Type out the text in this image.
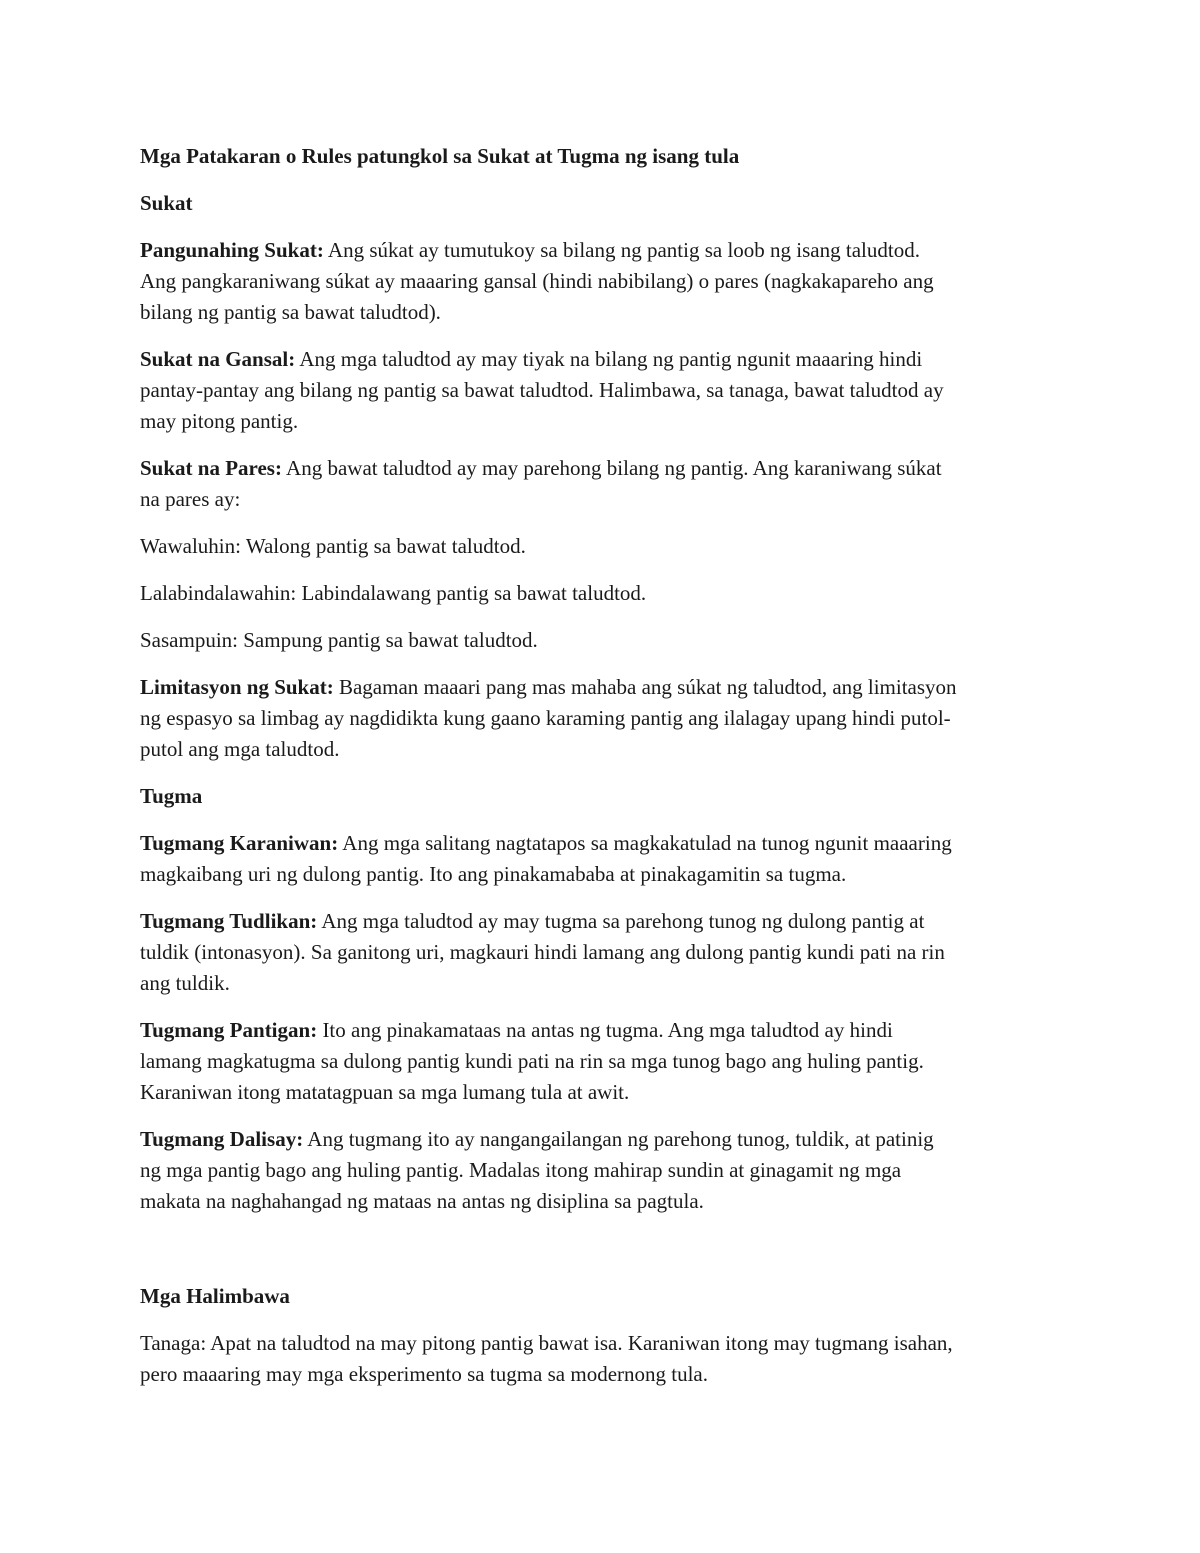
Mga Patakaran o Rules patungkol sa Sukat at Tugma ng isang tula

Sukat

Pangunahing Sukat: Ang súkat ay tumutukoy sa bilang ng pantig sa loob ng isang taludtod.
Ang pangkaraniwang súkat ay maaaring gansal (hindi nabibilang) o pares (nagkakapareho ang
bilang ng pantig sa bawat taludtod).

Sukat na Gansal: Ang mga taludtod ay may tiyak na bilang ng pantig ngunit maaaring hindi
pantay-pantay ang bilang ng pantig sa bawat taludtod. Halimbawa, sa tanaga, bawat taludtod ay
may pitong pantig.

Sukat na Pares: Ang bawat taludtod ay may parehong bilang ng pantig. Ang karaniwang súkat
na pares ay:

Wawaluhin: Walong pantig sa bawat taludtod.

Lalabindalawahin: Labindalawang pantig sa bawat taludtod.

Sasampuin: Sampung pantig sa bawat taludtod.

Limitasyon ng Sukat: Bagaman maaari pang mas mahaba ang súkat ng taludtod, ang limitasyon
ng espasyo sa limbag ay nagdidikta kung gaano karaming pantig ang ilalagay upang hindi putol-
putol ang mga taludtod.

Tugma

Tugmang Karaniwan: Ang mga salitang nagtatapos sa magkakatulad na tunog ngunit maaaring
magkaibang uri ng dulong pantig. Ito ang pinakamababa at pinakagamitin sa tugma.

Tugmang Tudlikan: Ang mga taludtod ay may tugma sa parehong tunog ng dulong pantig at
tuldik (intonasyon). Sa ganitong uri, magkauri hindi lamang ang dulong pantig kundi pati na rin
ang tuldik.

Tugmang Pantigan: Ito ang pinakamataas na antas ng tugma. Ang mga taludtod ay hindi
lamang magkatugma sa dulong pantig kundi pati na rin sa mga tunog bago ang huling pantig.
Karaniwan itong matatagpuan sa mga lumang tula at awit.

Tugmang Dalisay: Ang tugmang ito ay nangangailangan ng parehong tunog, tuldik, at patinig
ng mga pantig bago ang huling pantig. Madalas itong mahirap sundin at ginagamit ng mga
makata na naghahangad ng mataas na antas ng disiplina sa pagtula.

Mga Halimbawa

Tanaga: Apat na taludtod na may pitong pantig bawat isa. Karaniwan itong may tugmang isahan,
pero maaaring may mga eksperimento sa tugma sa modernong tula.
